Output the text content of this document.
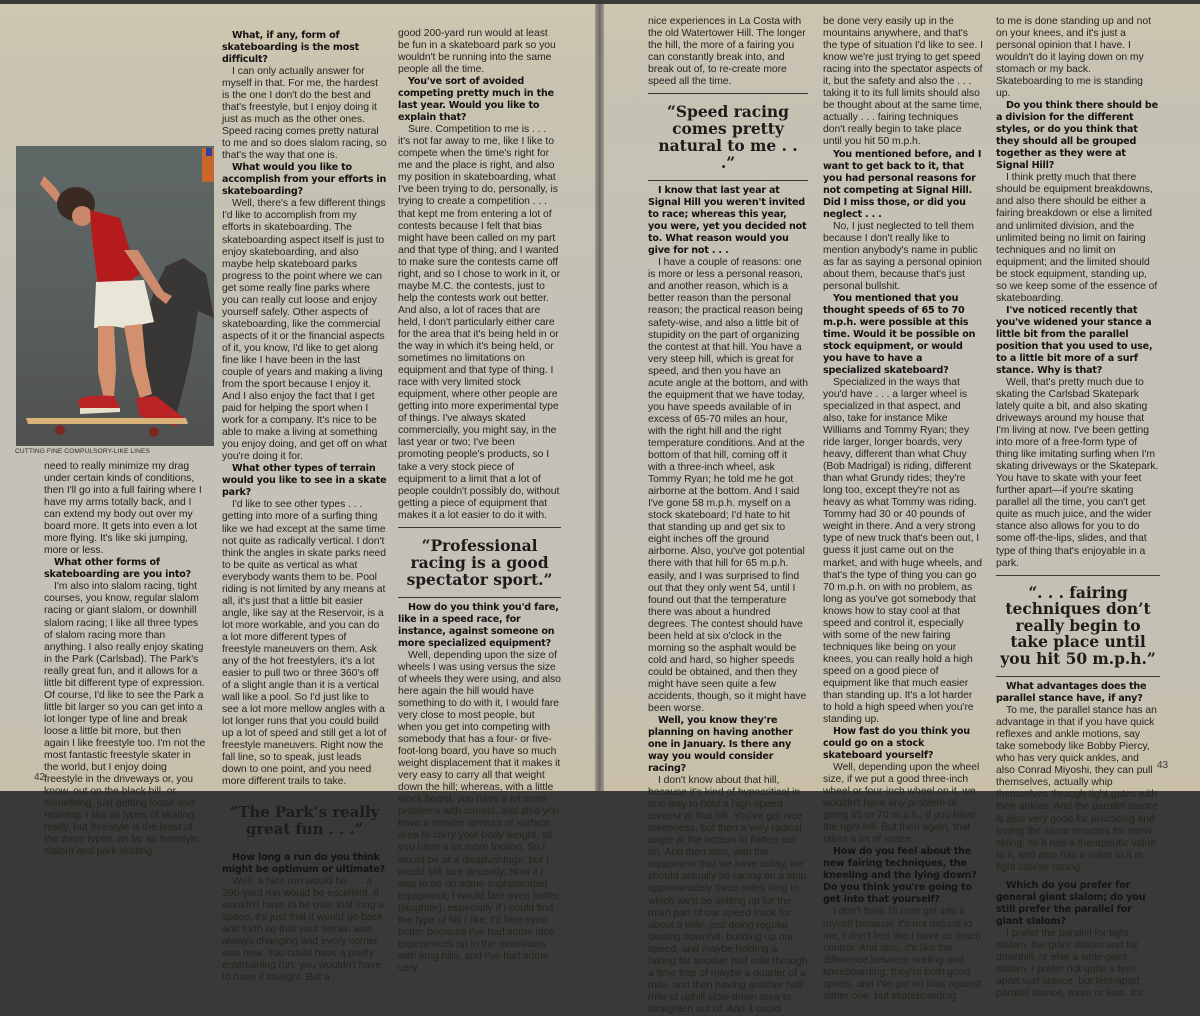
CUTTING FINE COMPULSORY-LIKE LINES

need to really minimize my drag under certain kinds of conditions, then I'll go into a full fairing where I have my arms totally back, and I can extend my body out over my board more. It gets into even a lot more flying. It's like ski jumping, more or less.

What other forms of skateboarding are you into?

I'm also into slalom racing, tight courses, you know, regular slalom racing or giant slalom, or downhill slalom racing; I like all three types of slalom racing more than anything. I also really enjoy skating in the Park (Carlsbad). The Park's really great fun, and it allows for a little bit different type of expression. Of course, I'd like to see the Park a little bit larger so you can get into a lot longer type of line and break loose a little bit more, but then again I like freestyle too. I'm not the most fantastic freestyle skater in the world, but I enjoy doing freestyle in the driveways or, you know, out on the black hill, or something, just getting loose and relaxing. I like all types of skating, really, but freestyle is the least of the three types, as far as freestyle, slalom and park skating.

What, if any, form of skateboarding is the most difficult?

I can only actually answer for myself in that. For me, the hardest is the one I don't do the best and that's freestyle, but I enjoy doing it just as much as the other ones. Speed racing comes pretty natural to me and so does slalom racing, so that's the way that one is.

What would you like to accomplish from your efforts in skateboarding?

Well, there's a few different things I'd like to accomplish from my efforts in skateboarding. The skateboarding aspect itself is just to enjoy skateboarding, and also maybe help skateboard parks progress to the point where we can get some really fine parks where you can really cut loose and enjoy yourself safely. Other aspects of skateboarding, like the commercial aspects of it or the financial aspects of it, you know, I'd like to get along fine like I have been in the last couple of years and making a living from the sport because I enjoy it. And I also enjoy the fact that I get paid for helping the sport when I work for a company. It's nice to be able to make a living at something you enjoy doing, and get off on what you're doing it for.

What other types of terrain would you like to see in a skate park?

I'd like to see other types . . . getting into more of a surfing thing like we had except at the same time not quite as radically vertical. I don't think the angles in skate parks need to be quite as vertical as what everybody wants them to be. Pool riding is not limited by any means at all, it's just that a little bit easier angle, like say at the Reservoir, is a lot more workable, and you can do a lot more different types of freestyle maneuvers on them. Ask any of the hot freestylers, it's a lot easier to pull two or three 360's off of a slight angle than it is a vertical wall like a pool. So I'd just like to see a lot more mellow angles with a lot longer runs that you could build up a lot of speed and still get a lot of freestyle maneuvers. Right now the fall line, so to speak, just leads down to one point, and you need more different trails to take.

“The Park’s really great fun . . .”

How long a run do you think might be optimum or ultimate?

Well, a nice run would be . . . a 200-yard run would be excellent. It wouldn't have to be over that long a space, it's just that it would go back and forth so that your terrain was always changing and every corner was new. You could have a pretty entertaining run; you wouldn't have to have it straight. But a

good 200-yard run would at least be fun in a skateboard park so you wouldn't be running into the same people all the time.

You've sort of avoided competing pretty much in the last year. Would you like to explain that?

Sure. Competition to me is . . . it's not far away to me, like I like to compete when the time's right for me and the place is right, and also my position in skateboarding, what I've been trying to do, personally, is trying to create a competition . . . that kept me from entering a lot of contests because I felt that bias might have been called on my part and that type of thing, and I wanted to make sure the contests came off right, and so I chose to work in it, or maybe M.C. the contests, just to help the contests work out better. And also, a lot of races that are held, I don't particularly either care for the area that it's being held in or the way in which it's being held, or sometimes no limitations on equipment and that type of thing. I race with very limited stock equipment, where other people are getting into more experimental type of things. I've always skated commercially, you might say, in the last year or two; I've been promoting people's products, so I take a very stock piece of equipment to a limit that a lot of people couldn't possibly do, without getting a piece of equipment that makes it a lot easier to do it with.

“Professional racing is a good spectator sport.”

How do you think you'd fare, like in a speed race, for instance, against someone on more specialized equipment?

Well, depending upon the size of wheels I was using versus the size of wheels they were using, and also here again the hill would have something to do with it, I would fare very close to most people, but when you get into competing with somebody that has a four- or five-foot-long board, you have so much weight displacement that it makes it very easy to carry all that weight down the hill; whereas, with a little stock board, you have a lot more problems with control, and also you have a smaller amount of surface area to carry your body weight, so you have a lot more friction. So I would be at a disadvantage, but I would still fare decently. Now if I was to be on some sophisticated equipment, I would fare even better (laughter), especially if I could find the type of hill I like, I'd fare even better because I've had some nice experiences up in the mountains with long hills, and I've had some very

nice experiences in La Costa with the old Watertower Hill. The longer the hill, the more of a fairing you can constantly break into, and break out of, to re-create more speed all the time.

“Speed racing comes pretty natural to me . . .”

I know that last year at Signal Hill you weren't invited to race; whereas this year, you were, yet you decided not to. What reason would you give for not . . .

I have a couple of reasons: one is more or less a personal reason, and another reason, which is a better reason than the personal reason; the practical reason being safety-wise, and also a little bit of stupidity on the part of organizing the contest at that hill. You have a very steep hill, which is great for speed, and then you have an acute angle at the bottom, and with the equipment that we have today, you have speeds available of in excess of 65-70 miles an hour, with the right hill and the right temperature conditions. And at the bottom of that hill, coming off it with a three-inch wheel, ask Tommy Ryan; he told me he got airborne at the bottom. And I said I've gone 58 m.p.h. myself on a stock skateboard; I'd hate to hit that standing up and get six to eight inches off the ground airborne. Also, you've got potential there with that hill for 65 m.p.h. easily, and I was surprised to find out that they only went 54, until I found out that the temperature there was about a hundred degrees. The contest should have been held at six o'clock in the morning so the asphalt would be cold and hard, so higher speeds could be obtained, and then they might have seen quite a few accidents, though, so it might have been worse.

Well, you know they're planning on having another one in January. Is there any way you would consider racing?

I don't know about that hill, because it's kind of hypocritical in one way to hold a high-speed contest at that hill. You've got nice steepness, but then a very radical angle at the bottom to flatten out on. And then also, with the equipment that we have today, we should actually be racing on a strip approximately three miles long in which we'd be setting up for the main part of our speed track for about a mile, just doing regular skating downhill, building up our speed, and maybe holding a fairing for another half mile through a time trap of maybe a quarter of a mile, and then having another half mile of uphill slow-down area to straighten out of. And it could

be done very easily up in the mountains anywhere, and that's the type of situation I'd like to see. I know we're just trying to get speed racing into the spectator aspects of it, but the safety and also the . . . taking it to its full limits should also be thought about at the same time, actually . . . fairing techniques don't really begin to take place until you hit 50 m.p.h.

You mentioned before, and I want to get back to it, that you had personal reasons for not competing at Signal Hill. Did I miss those, or did you neglect . . .

No, I just neglected to tell them because I don't really like to mention anybody's name in public as far as saying a personal opinion about them, because that's just personal bullshit.

You mentioned that you thought speeds of 65 to 70 m.p.h. were possible at this time. Would it be possible on stock equipment, or would you have to have a specialized skateboard?

Specialized in the ways that you'd have . . . a larger wheel is specialized in that aspect, and also, take for instance Mike Williams and Tommy Ryan; they ride larger, longer boards, very heavy, different than what Chuy (Bob Madrigal) is riding, different than what Grundy rides; they're long too, except they're not as heavy as what Tommy was riding. Tommy had 30 or 40 pounds of weight in there. And a very strong type of new truck that's been out, I guess it just came out on the market, and with huge wheels, and that's the type of thing you can go 70 m.p.h. on with no problem, as long as you've got somebody that knows how to stay cool at that speed and control it, especially with some of the new fairing techniques like being on your knees, you can really hold a high speed on a good piece of equipment like that much easier than standing up. It's a lot harder to hold a high speed when you're standing up.

How fast do you think you could go on a stock skateboard yourself?

Well, depending upon the wheel size, if we put a good three-inch wheel or four-inch wheel on it, we wouldn't have any problem of going 65 or 70 m.p.h., if you have the right hill. But then again, that takes a lot of space.

How do you feel about the new fairing techniques, the kneeling and the lying down? Do you think you're going to get into that yourself?

I don't think I'll ever get into it myself because it's not natural to me, I don't feel like I have as much control. And also, it's like the difference between surfing and kneeboarding; they're both good sports, and I've got no bias against either one, but skateboarding

to me is done standing up and not on your knees, and it's just a personal opinion that I have. I wouldn't do it laying down on my stomach or my back. Skateboarding to me is standing up.

Do you think there should be a division for the different styles, or do you think that they should all be grouped together as they were at Signal Hill?

I think pretty much that there should be equipment breakdowns, and also there should be either a fairing breakdown or else a limited and unlimited division, and the unlimited being no limit on fairing techniques and no limit on equipment; and the limited should be stock equipment, standing up, so we keep some of the essence of skateboarding.

I've noticed recently that you've widened your stance a little bit from the parallel position that you used to use, to a little bit more of a surf stance. Why is that?

Well, that's pretty much due to skating the Carlsbad Skatepark lately quite a bit, and also skating driveways around my house that I'm living at now. I've been getting into more of a free-form type of thing like imitating surfing when I'm skating driveways or the Skatepark. You have to skate with your feet further apart—if you're skating parallel all the time, you can't get quite as much juice, and the wider stance also allows for you to do some off-the-lips, slides, and that type of thing that's enjoyable in a park.

“. . . fairing techniques don’t really begin to take place until you hit 50 m.p.h.”

What advantages does the parallel stance have, if any?

To me, the parallel stance has an advantage in that if you have quick reflexes and ankle motions, say take somebody like Bobby Piercy, who has very quick ankles, and also Conrad Miyoshi, they can pull themselves, actually whip themselves through tight gates with their ankles. And the parallel stance is also very good for practicing and toning the same muscles for snow skiing, so it has a therapeutic value to it, and also has a value to it in tight course racing.

Which do you prefer for general giant slalom; do you still prefer the parallel for giant slalom?

I prefer the parallel for tight slalom, the giant slalom and for downhill, or else a wide giant slalom. I prefer not quite a feet-apart surf stance, but feet-apart parallel stance, more or less. It's

42
43
